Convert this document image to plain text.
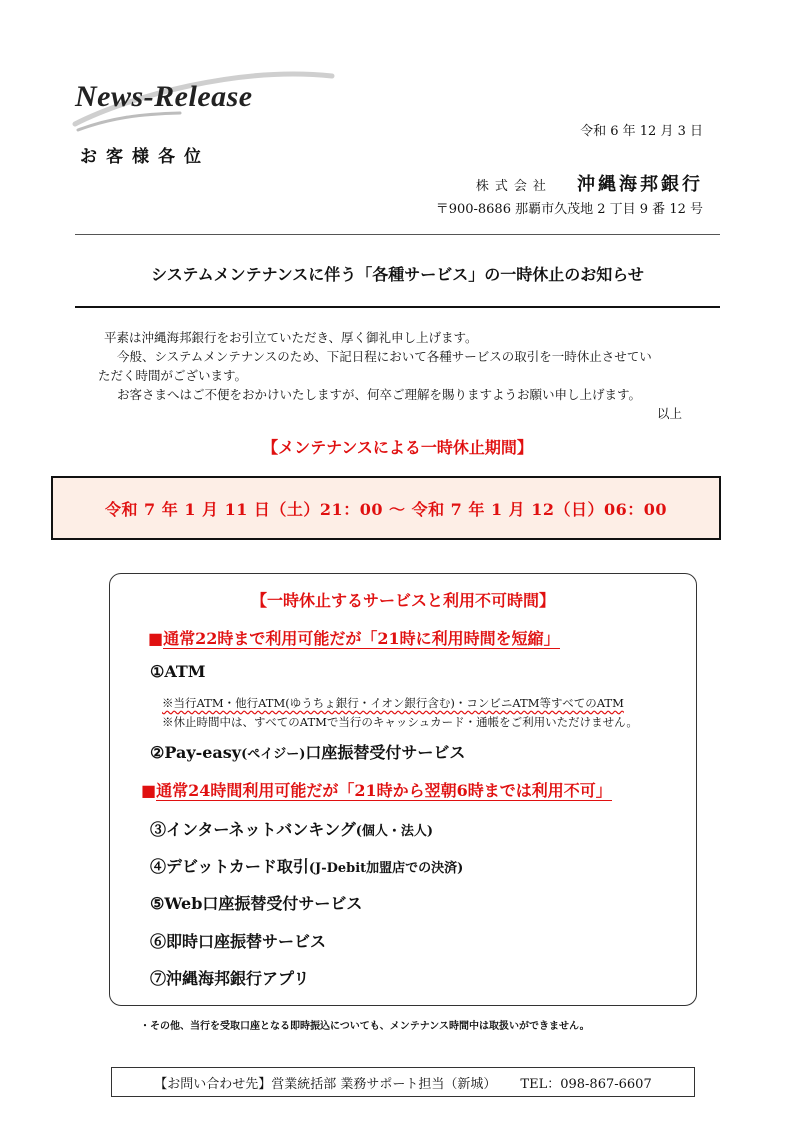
News-Release
令和 6 年 12 月 3 日
お客様各位
株式会社 沖縄海邦銀行
〒900-8686 那覇市久茂地 2 丁目 9 番 12 号
システムメンテナンスに伴う「各種サービス」の一時休止のお知らせ

平素は沖縄海邦銀行をお引立ていただき、厚く御礼申し上げます。

今般、システムメンテナンスのため、下記日程において各種サービスの取引を一時休止させてい

ただく時間がございます。

お客さまへはご不便をおかけいたしますが、何卒ご理解を賜りますようお願い申し上げます。

以上

【メンテナンスによる一時休止期間】
令和 7 年 1 月 11 日（土）21：00 〜 令和 7 年 1 月 12（日）06：00
【一時休止するサービスと利用不可時間】
■通常22時まで利用可能だが「21時に利用時間を短縮」
①ATM
※当行ATM・他行ATM(ゆうちょ銀行・イオン銀行含む)・コンビニATM等すべてのATM
※休止時間中は、すべてのATMで当行のキャッシュカード・通帳をご利用いただけません。
②Pay-easy(ペイジー)口座振替受付サービス
■通常24時間利用可能だが「21時から翌朝6時までは利用不可」
③インターネットバンキング(個人・法人)
④デビットカード取引(J-Debit加盟店での決済)
⑤Web口座振替受付サービス
⑥即時口座振替サービス
⑦沖縄海邦銀行アプリ
・その他、当行を受取口座となる即時振込についても、メンテナンス時間中は取扱いができません。
【お問い合わせ先】営業統括部 業務サポート担当（新城） TEL：098-867-6607
